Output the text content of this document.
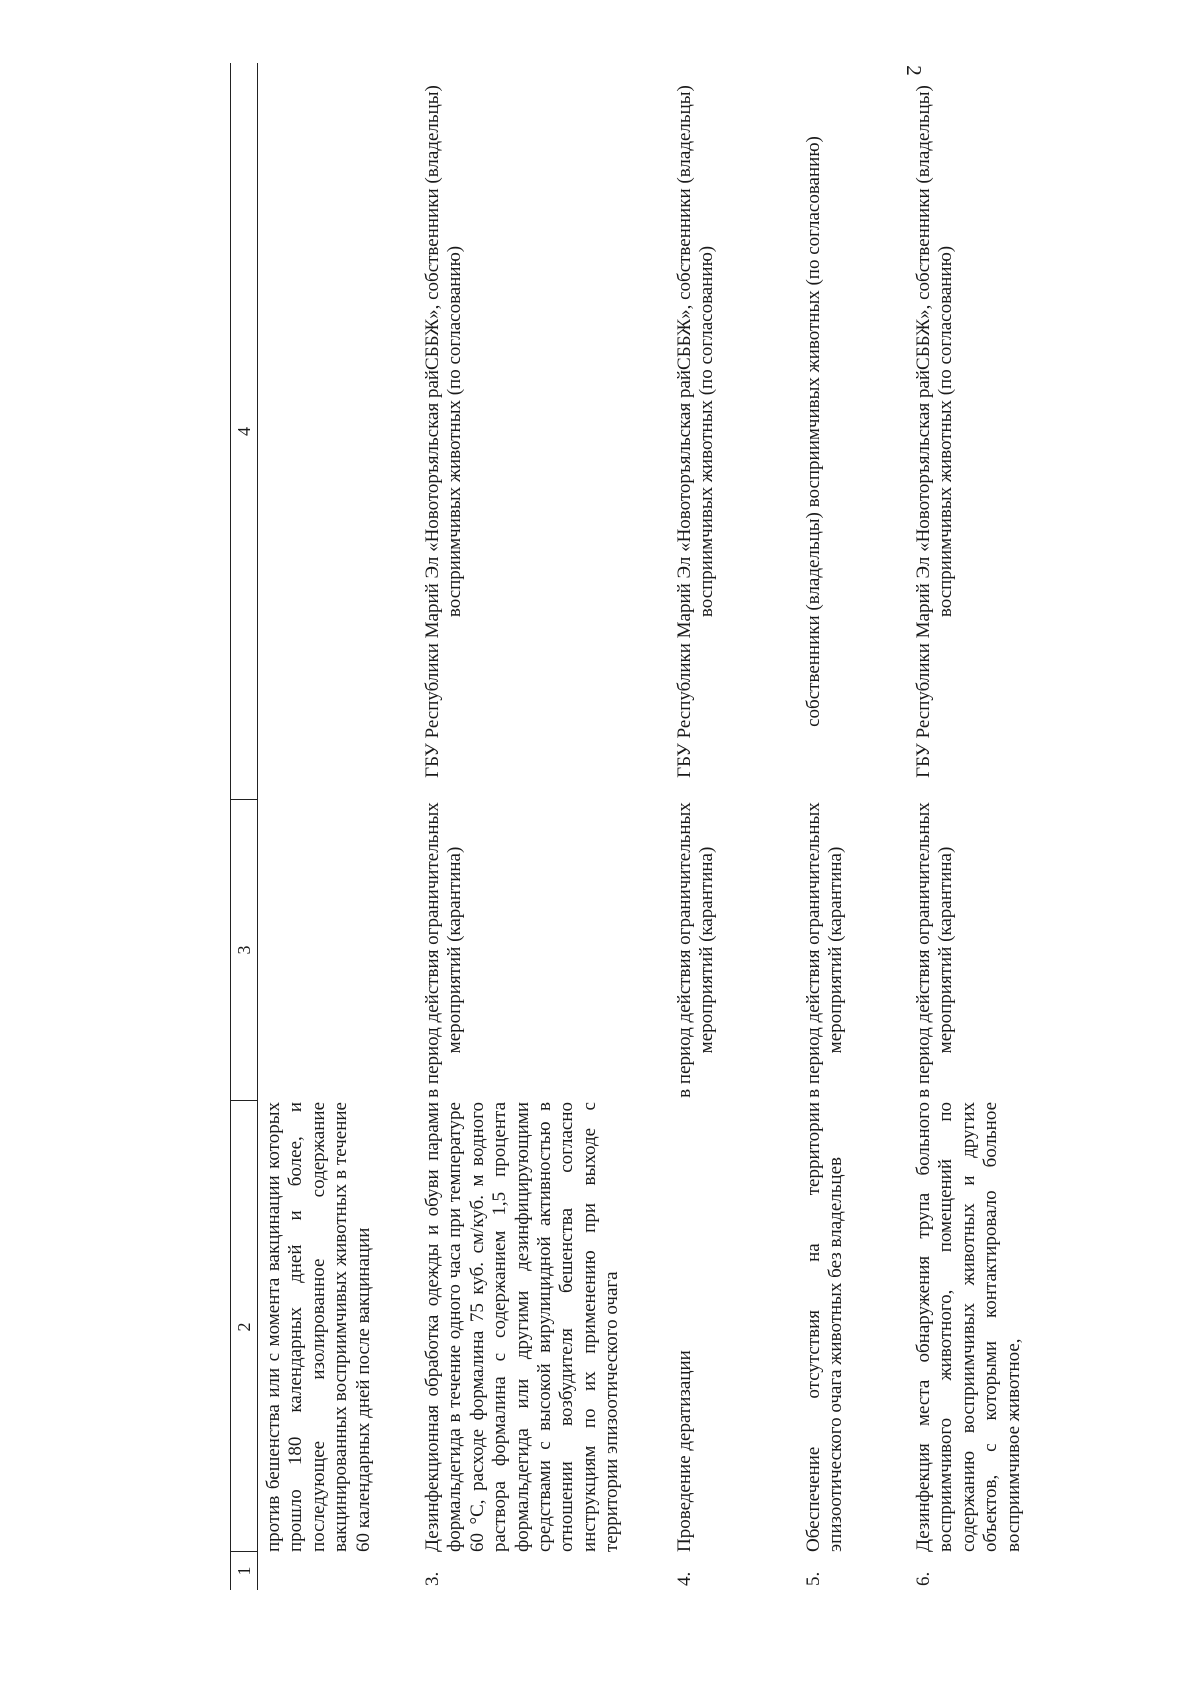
2
1
2
3
4
против бешенства или с момента вакцинации которых прошло 180 календарных дней и более, и последующее изолированное содержание вакцинированных восприимчивых животных в течение 60 календарных дней после вакцинации
3.
Дезинфекционная обработка одежды и обуви парами формальдегида в течение одного часа при температуре 60 °C, расходе формалина 75 куб. см/куб. м водного раствора формалина с содержанием 1,5 процента формальдегида или другими дезинфицирующими средствами с высокой вирулицидной активностью в отношении возбудителя бешенства согласно инструкциям по их применению при выходе с территории эпизоотического очага
в период действия ограничительных мероприятий (карантина)
ГБУ Республики Марий Эл «Новоторъяльская райСББЖ», собственники (владельцы) восприимчивых животных (по согласованию)
4.
Проведение дератизации
в период действия ограничительных мероприятий (карантина)
ГБУ Республики Марий Эл «Новоторъяльская райСББЖ», собственники (владельцы) восприимчивых животных (по согласованию)
5.
Обеспечение отсутствия на территории эпизоотического очага животных без владельцев
в период действия ограничительных мероприятий (карантина)
собственники (владельцы) восприимчивых животных (по согласованию)
6.
Дезинфекция места обнаружения трупа больного восприимчивого животного, помещений по содержанию восприимчивых животных и других объектов, с которыми контактировало больное восприимчивое животное,
в период действия ограничительных мероприятий (карантина)
ГБУ Республики Марий Эл «Новоторъяльская райСББЖ», собственники (владельцы) восприимчивых животных (по согласованию)
